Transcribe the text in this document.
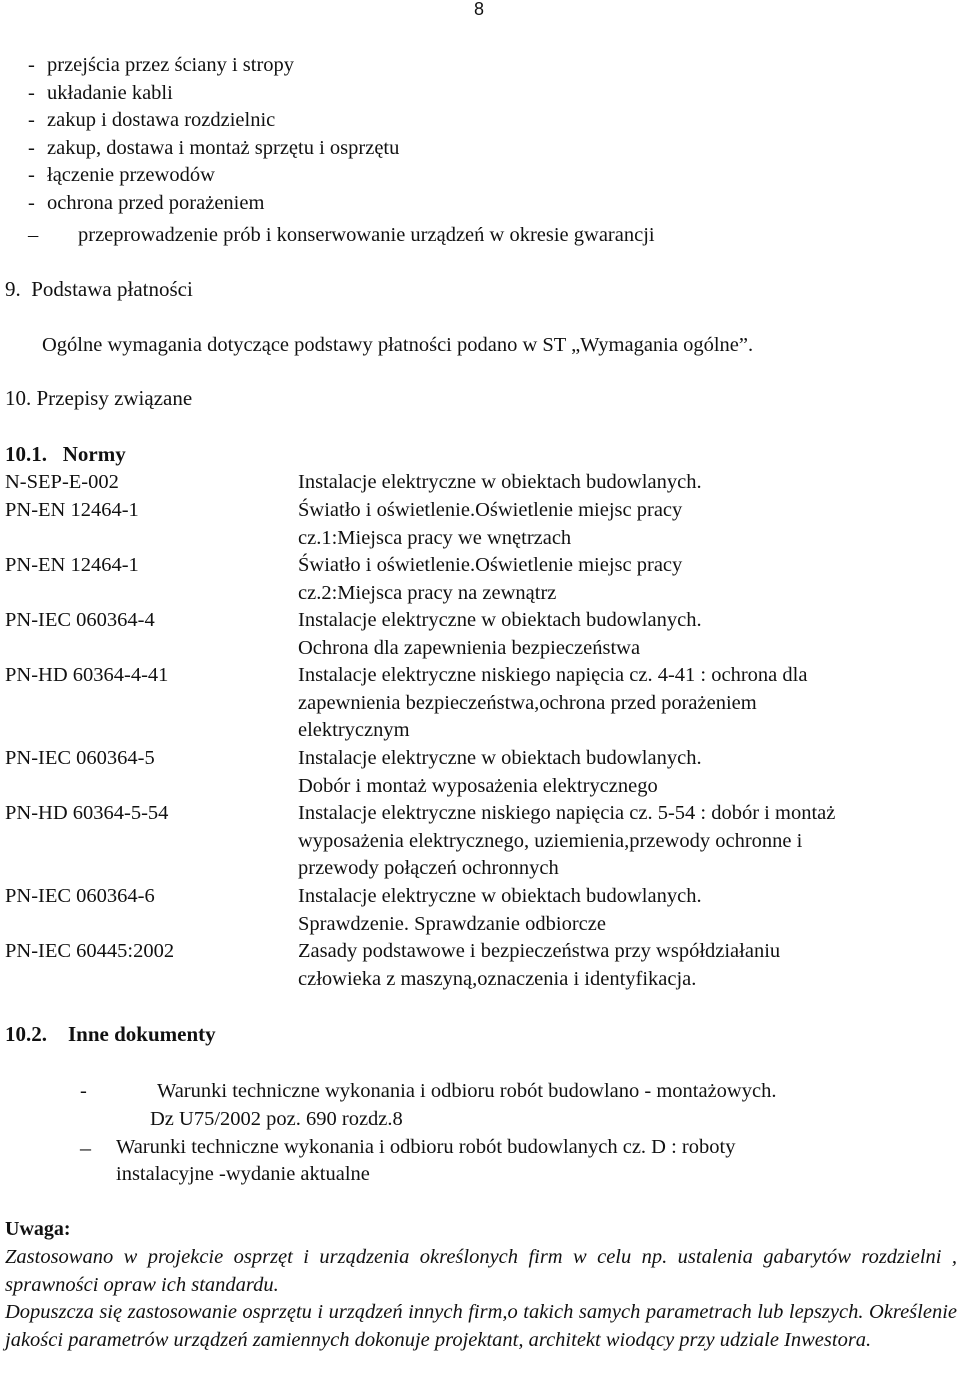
8
- przejścia przez ściany i stropy
- układanie kabli
- zakup i dostawa rozdzielnic
- zakup, dostawa i montaż sprzętu i osprzętu
- łączenie przewodów
- ochrona przed porażeniem
– przeprowadzenie prób i konserwowanie urządzeń w okresie gwarancji
9. Podstawa płatności
Ogólne wymagania dotyczące podstawy płatności podano w ST „Wymagania ogólne”.
10. Przepisy związane
10.1. Normy
N-SEP-E-002	Instalacje elektryczne w obiektach budowlanych.
PN-EN 12464-1	Światło i oświetlenie.Oświetlenie miejsc pracy
cz.1:Miejsca pracy we wnętrzach
PN-EN 12464-1	Światło i oświetlenie.Oświetlenie miejsc pracy
cz.2:Miejsca pracy na zewnątrz
PN-IEC 060364-4	Instalacje elektryczne w obiektach budowlanych.
Ochrona dla zapewnienia bezpieczeństwa
PN-HD 60364-4-41	Instalacje elektryczne niskiego napięcia cz. 4-41 : ochrona dla
zapewnienia bezpieczeństwa,ochrona przed porażeniem
elektrycznym
PN-IEC 060364-5	Instalacje elektryczne w obiektach budowlanych.
Dobór i montaż wyposażenia elektrycznego
PN-HD 60364-5-54	Instalacje elektryczne niskiego napięcia cz. 5-54 : dobór i montaż
wyposażenia elektrycznego, uziemienia,przewody ochronne i
przewody połączeń ochronnych
PN-IEC 060364-6	Instalacje elektryczne w obiektach budowlanych.
Sprawdzenie. Sprawdzanie odbiorcze
PN-IEC 60445:2002	Zasady podstawowe i bezpieczeństwa przy współdziałaniu
człowieka z maszyną,oznaczenia i identyfikacja.
10.2. Inne dokumenty
-	Warunki techniczne wykonania i odbioru robót budowlano - montażowych.
Dz U75/2002 poz. 690 rozdz.8
– Warunki techniczne wykonania i odbioru robót budowlanych cz. D : roboty
instalacyjne -wydanie aktualne
Uwaga:
Zastosowano w projekcie osprzęt i urządzenia określonych firm w celu np. ustalenia gabarytów rozdzielni , sprawności opraw ich standardu.
Dopuszcza się zastosowanie osprzętu i urządzeń innych firm,o takich samych parametrach lub lepszych. Określenie jakości parametrów urządzeń zamiennych dokonuje projektant, architekt wiodący przy udziale Inwestora.
